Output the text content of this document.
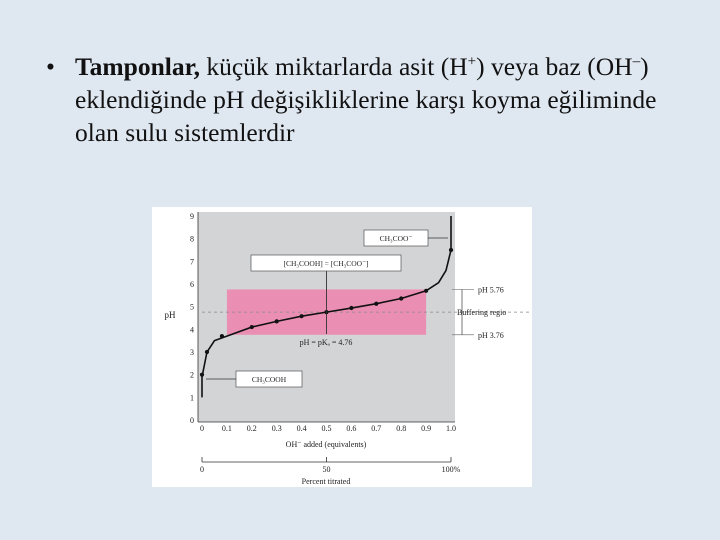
• Tamponlar, küçük miktarlarda asit (H+) veya baz (OH–) eklendiğinde pH değişikliklerine karşı koyma eğiliminde olan sulu sistemlerdir
0
1
2
3
4
5
6
7
8
9
0 0.1 0.2 0.3 0.4 0.5 0.6 0.7 0.8 0.9 1.0
pH
OH⁻ added (equivalents)
0	50	100%
Percent titrated
CH₃COO⁻
[CH₃COOH] = [CH₃COO⁻]
pH = pKₐ = 4.76
CH₃COOH
pH 5.76
Buffering regio
pH 3.76
